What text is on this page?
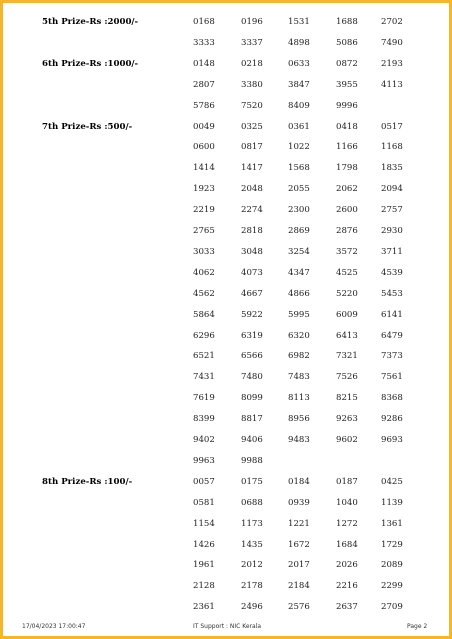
17/04/2023 17:00:47	IT Support : NIC Kerala	Page 2
5th Prize-Rs :2000/-	0168	0196	1531	1688	2702
3333	3337	4898	5086	7490
6th Prize-Rs :1000/-	0148	0218	0633	0872	2193
2807	3380	3847	3955	4113
5786	7520	8409	9996
7th Prize-Rs :500/-	0049	0325	0361	0418	0517
0600	0817	1022	1166	1168
1414	1417	1568	1798	1835
1923	2048	2055	2062	2094
2219	2274	2300	2600	2757
2765	2818	2869	2876	2930
3033	3048	3254	3572	3711
4062	4073	4347	4525	4539
4562	4667	4866	5220	5453
5864	5922	5995	6009	6141
6296	6319	6320	6413	6479
6521	6566	6982	7321	7373
7431	7480	7483	7526	7561
7619	8099	8113	8215	8368
8399	8817	8956	9263	9286
9402	9406	9483	9602	9693
9963	9988
8th Prize-Rs :100/-	0057	0175	0184	0187	0425
0581	0688	0939	1040	1139
1154	1173	1221	1272	1361
1426	1435	1672	1684	1729
1961	2012	2017	2026	2089
2128	2178	2184	2216	2299
2361	2496	2576	2637	2709
